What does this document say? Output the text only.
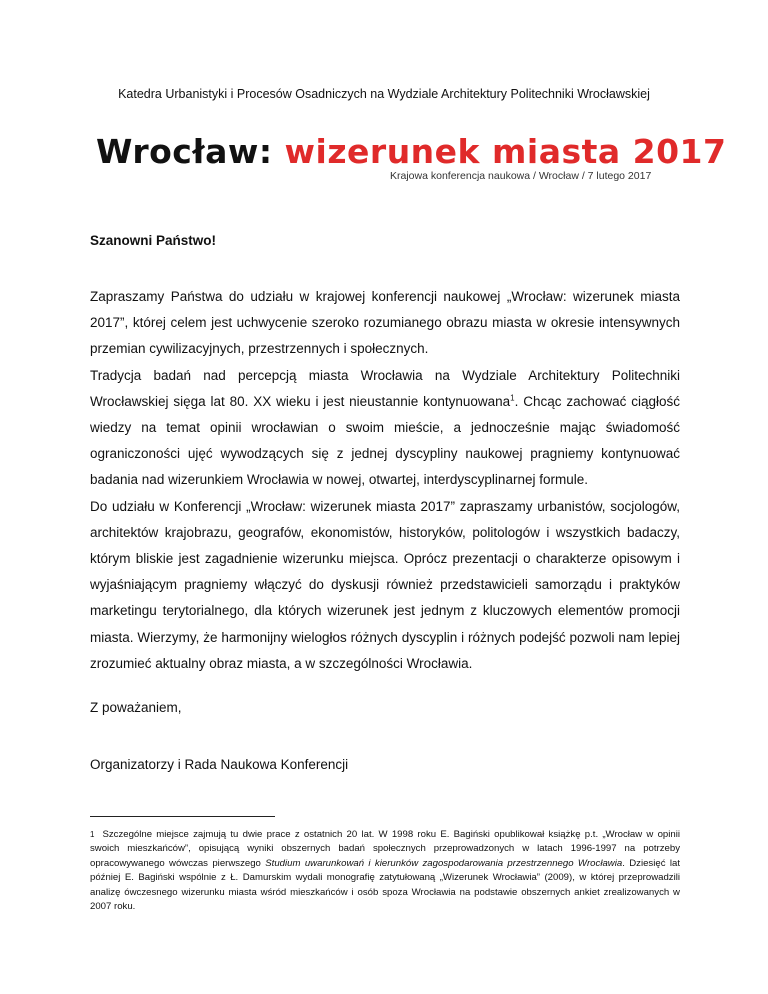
Katedra Urbanistyki i Procesów Osadniczych na Wydziale Architektury Politechniki Wrocławskiej
Wrocław: wizerunek miasta 2017
Krajowa konferencja naukowa / Wrocław / 7 lutego 2017
Szanowni Państwo!

Zapraszamy Państwa do udziału w krajowej konferencji naukowej „Wrocław: wizerunek miasta 2017”, której celem jest uchwycenie szeroko rozumianego obrazu miasta w okresie intensywnych przemian cywilizacyjnych, przestrzennych i społecznych.

Tradycja badań nad percepcją miasta Wrocławia na Wydziale Architektury Politechniki Wrocławskiej sięga lat 80. XX wieku i jest nieustannie kontynuowana$^1$. Chcąc zachować ciągłość wiedzy na temat opinii wrocławian o swoim mieście, a jednocześnie mając świadomość ograniczoności ujęć wywodzących się z jednej dyscypliny naukowej pragniemy kontynuować badania nad wizerunkiem Wrocławia w nowej, otwartej, interdyscyplinarnej formule.

Do udziału w Konferencji „Wrocław: wizerunek miasta 2017” zapraszamy urbanistów, socjologów, architektów krajobrazu, geografów, ekonomistów, historyków, politologów i wszystkich badaczy, którym bliskie jest zagadnienie wizerunku miejsca. Oprócz prezentacji o charakterze opisowym i wyjaśniającym pragniemy włączyć do dyskusji również przedstawicieli samorządu i praktyków marketingu terytorialnego, dla których wizerunek jest jednym z kluczowych elementów promocji miasta. Wierzymy, że harmonijny wielogłos różnych dyscyplin i różnych podejść pozwoli nam lepiej zrozumieć aktualny obraz miasta, a w szczególności Wrocławia.

Z poważaniem,
Organizatorzy i Rada Naukowa Konferencji
$^1$ Szczególne miejsce zajmują tu dwie prace z ostatnich 20 lat. W 1998 roku E. Bagiński opublikował książkę p.t. „Wrocław w opinii swoich mieszkańców”, opisującą wyniki obszernych badań społecznych przeprowadzonych w latach 1996-1997 na potrzeby opracowywanego wówczas pierwszego Studium uwarunkowań i kierunków zagospodarowania przestrzennego Wrocławia. Dziesięć lat później E. Bagiński wspólnie z Ł. Damurskim wydali monografię zatytułowaną „Wizerunek Wrocławia” (2009), w której przeprowadzili analizę ówczesnego wizerunku miasta wśród mieszkańców i osób spoza Wrocławia na podstawie obszernych ankiet zrealizowanych w 2007 roku.
